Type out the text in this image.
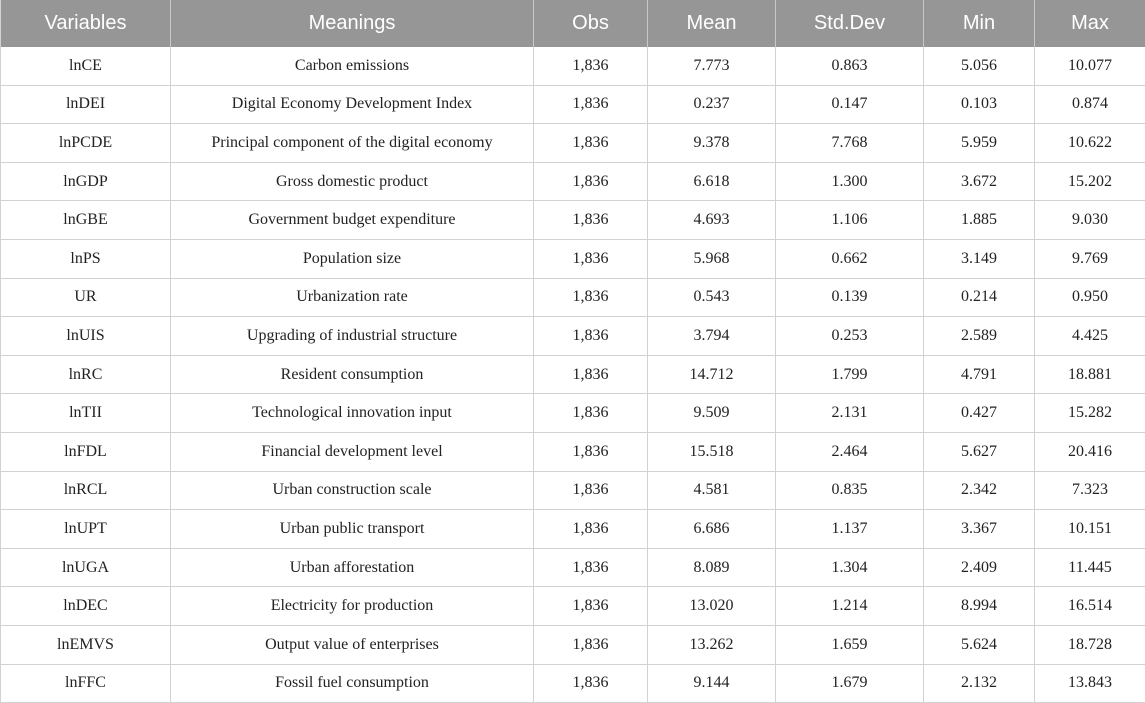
Variables	Meanings	Obs	Mean	Std.Dev	Min	Max
lnCE	Carbon emissions	1,836	7.773	0.863	5.056	10.077
lnDEI	Digital Economy Development Index	1,836	0.237	0.147	0.103	0.874
lnPCDE	Principal component of the digital economy	1,836	9.378	7.768	5.959	10.622
lnGDP	Gross domestic product	1,836	6.618	1.300	3.672	15.202
lnGBE	Government budget expenditure	1,836	4.693	1.106	1.885	9.030
lnPS	Population size	1,836	5.968	0.662	3.149	9.769
UR	Urbanization rate	1,836	0.543	0.139	0.214	0.950
lnUIS	Upgrading of industrial structure	1,836	3.794	0.253	2.589	4.425
lnRC	Resident consumption	1,836	14.712	1.799	4.791	18.881
lnTII	Technological innovation input	1,836	9.509	2.131	0.427	15.282
lnFDL	Financial development level	1,836	15.518	2.464	5.627	20.416
lnRCL	Urban construction scale	1,836	4.581	0.835	2.342	7.323
lnUPT	Urban public transport	1,836	6.686	1.137	3.367	10.151
lnUGA	Urban afforestation	1,836	8.089	1.304	2.409	11.445
lnDEC	Electricity for production	1,836	13.020	1.214	8.994	16.514
lnEMVS	Output value of enterprises	1,836	13.262	1.659	5.624	18.728
lnFFC	Fossil fuel consumption	1,836	9.144	1.679	2.132	13.843
